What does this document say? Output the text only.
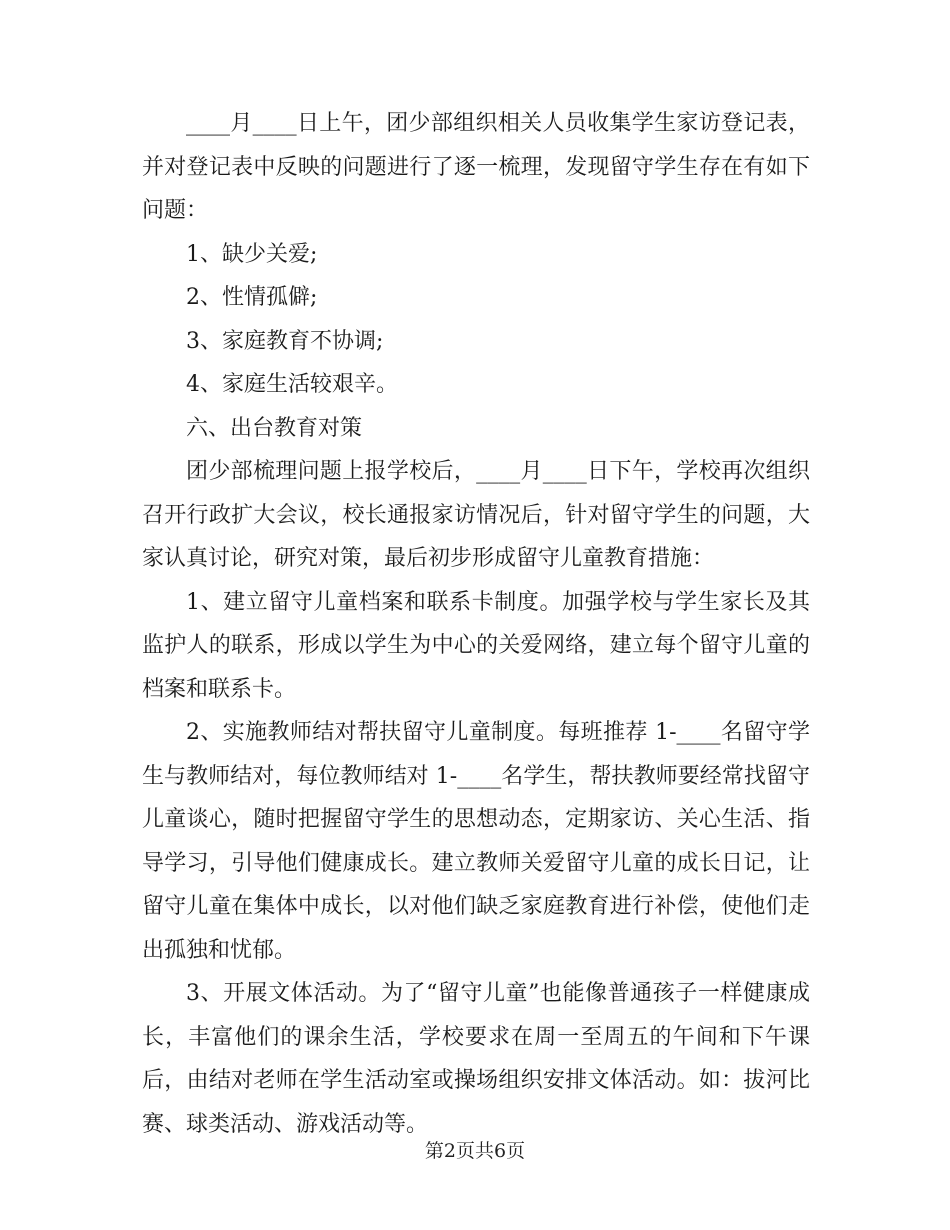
____月____日上午，团少部组织相关人员收集学生家访登记表，并对登记表中反映的问题进行了逐一梳理，发现留守学生存在有如下问题：

1、缺少关爱;

2、性情孤僻;

3、家庭教育不协调;

4、家庭生活较艰辛。

六、出台教育对策

团少部梳理问题上报学校后，____月____日下午，学校再次组织召开行政扩大会议，校长通报家访情况后，针对留守学生的问题，大家认真讨论，研究对策，最后初步形成留守儿童教育措施：

1、建立留守儿童档案和联系卡制度。加强学校与学生家长及其监护人的联系，形成以学生为中心的关爱网络，建立每个留守儿童的档案和联系卡。

2、实施教师结对帮扶留守儿童制度。每班推荐 1-____名留守学生与教师结对，每位教师结对 1-____名学生，帮扶教师要经常找留守儿童谈心，随时把握留守学生的思想动态，定期家访、关心生活、指导学习，引导他们健康成长。建立教师关爱留守儿童的成长日记，让留守儿童在集体中成长，以对他们缺乏家庭教育进行补偿，使他们走出孤独和忧郁。

3、开展文体活动。为了“留守儿童”也能像普通孩子一样健康成长，丰富他们的课余生活，学校要求在周一至周五的午间和下午课后，由结对老师在学生活动室或操场组织安排文体活动。如：拔河比赛、球类活动、游戏活动等。

第2页共6页
